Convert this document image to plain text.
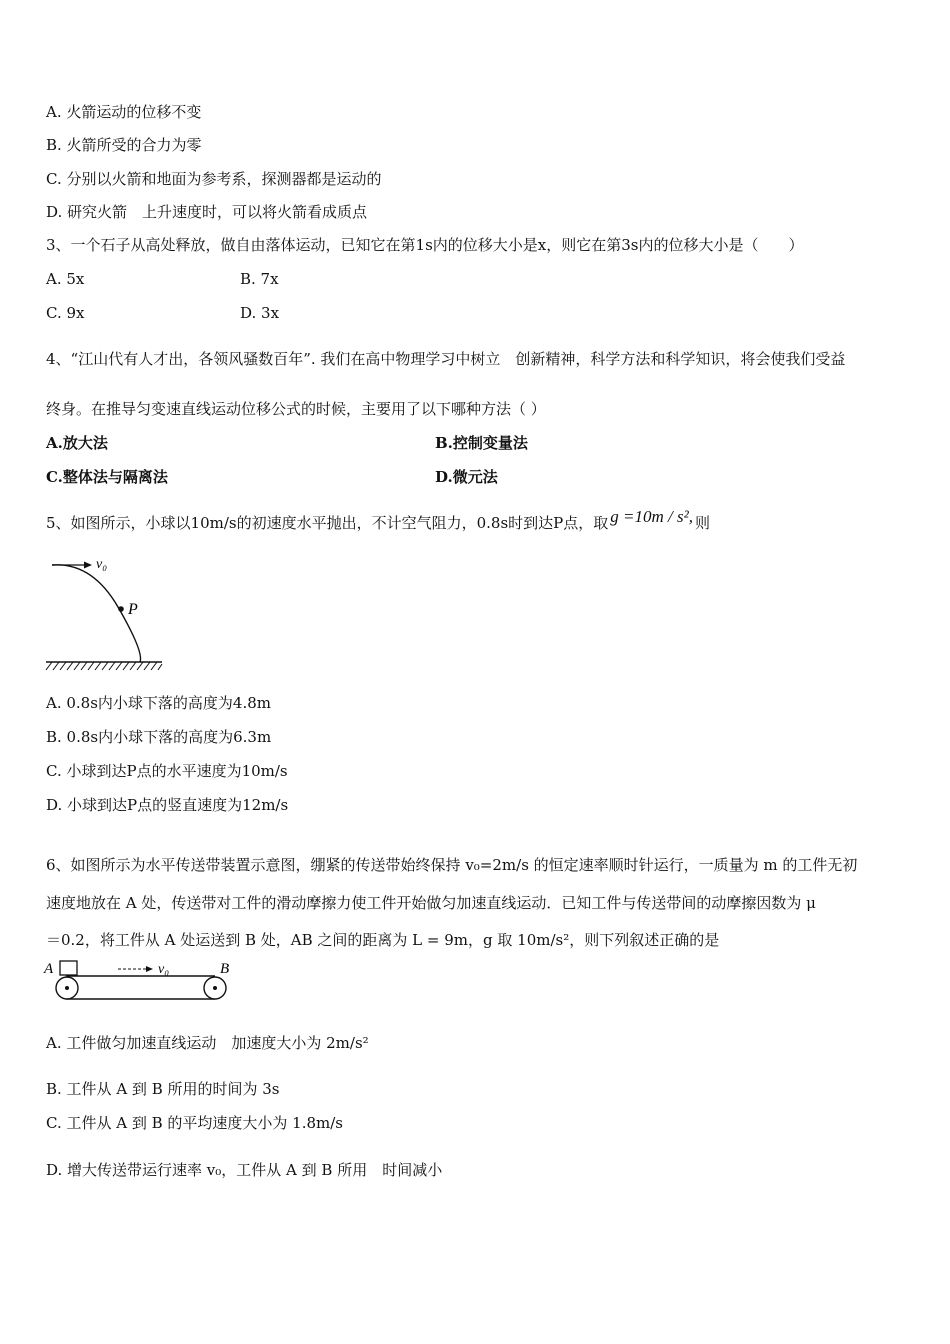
A. 火箭运动的位移不变
B. 火箭所受的合力为零
C. 分别以火箭和地面为参考系，探测器都是运动的
D. 研究火箭　上升速度时，可以将火箭看成质点
3、一个石子从高处释放，做自由落体运动，已知它在第1s内的位移大小是x，则它在第3s内的位移大小是（　　）
A. 5x	B. 7x
C. 9x	D. 3x
4、“江山代有人才出，各领风骚数百年”. 我们在高中物理学习中树立　创新精神，科学方法和科学知识，将会使我们受益
终身。在推导匀变速直线运动位移公式的时候，主要用了以下哪种方法（ ）
A.放大法	B.控制变量法
C.整体法与隔离法	D.微元法
5、如图所示，小球以10m/s的初速度水平抛出，不计空气阻力，0.8s时到达P点，取 g =10m / s², 则
v₀
P
A. 0.8s内小球下落的高度为4.8m
B. 0.8s内小球下落的高度为6.3m
C. 小球到达P点的水平速度为10m/s
D. 小球到达P点的竖直速度为12m/s
6、如图所示为水平传送带装置示意图，绷紧的传送带始终保持 v₀=2m/s 的恒定速率顺时针运行，一质量为 m 的工件无初
速度地放在 A 处，传送带对工件的滑动摩擦力使工件开始做匀加速直线运动．已知工件与传送带间的动摩擦因数为 μ
＝0.2，将工件从 A 处运送到 B 处，AB 之间的距离为 L = 9m，g 取 10m/s²，则下列叙述正确的是
A	v₀	B
A. 工件做匀加速直线运动　加速度大小为 2m/s²
B. 工件从 A 到 B 所用的时间为 3s
C. 工件从 A 到 B 的平均速度大小为 1.8m/s
D. 增大传送带运行速率 v₀，工件从 A 到 B 所用　时间减小
